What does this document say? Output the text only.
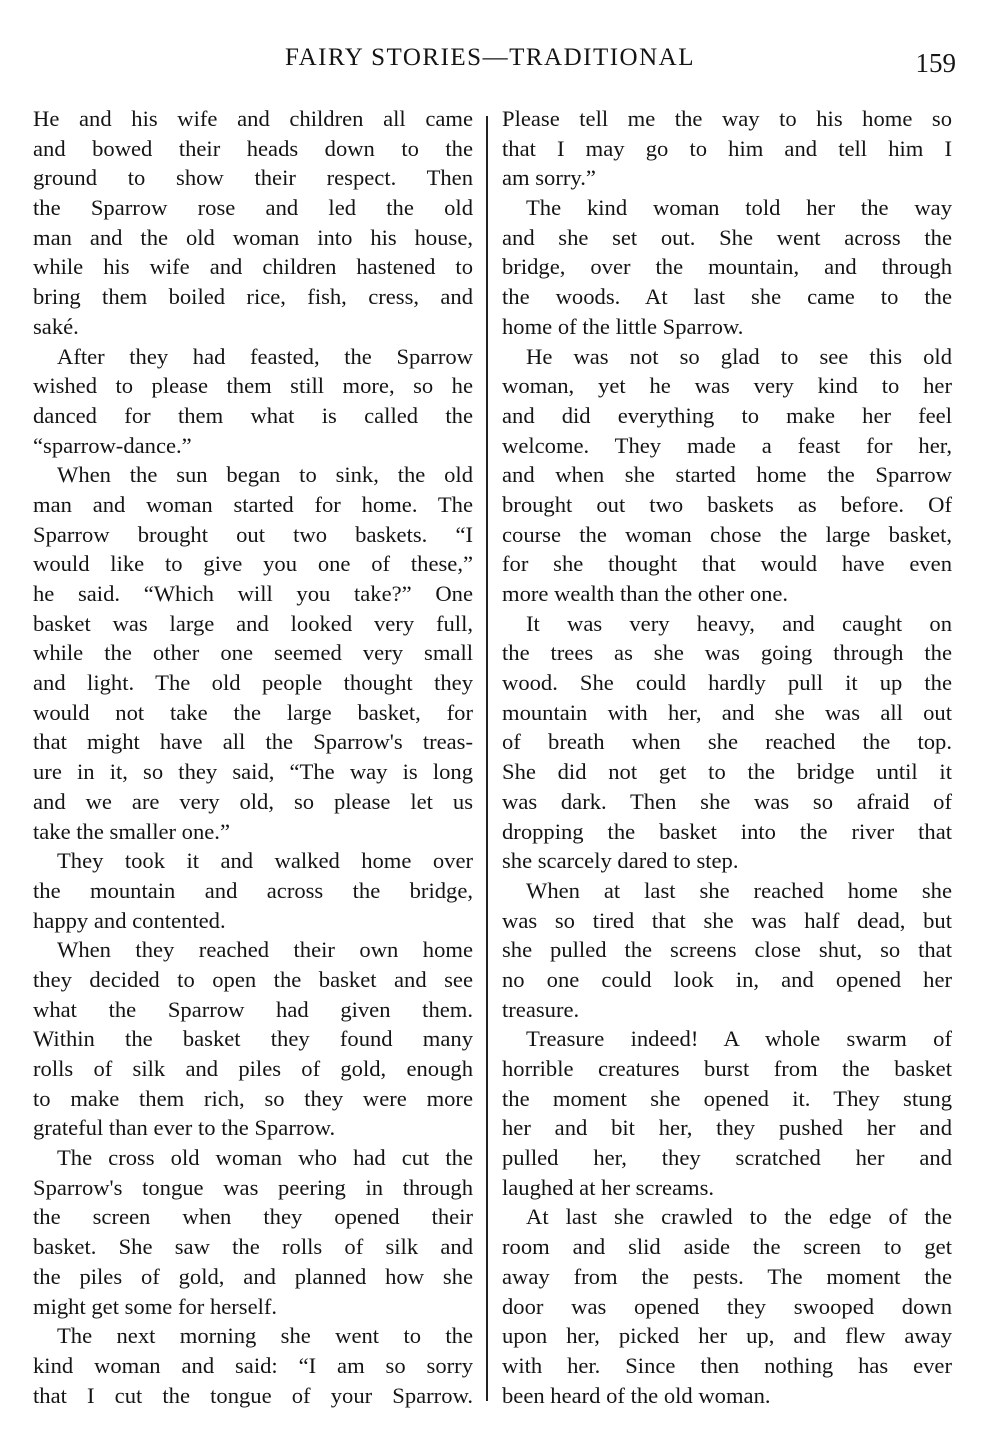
FAIRY STORIES—TRADITIONAL	159
He and his wife and children all came
and bowed their heads down to the
ground to show their respect. Then
the Sparrow rose and led the old
man and the old woman into his house,
while his wife and children hastened to
bring them boiled rice, fish, cress, and
saké.
After they had feasted, the Sparrow
wished to please them still more, so he
danced for them what is called the
“sparrow-dance.”
When the sun began to sink, the old
man and woman started for home. The
Sparrow brought out two baskets. “I
would like to give you one of these,”
he said. “Which will you take?” One
basket was large and looked very full,
while the other one seemed very small
and light. The old people thought they
would not take the large basket, for
that might have all the Sparrow's treas-
ure in it, so they said, “The way is long
and we are very old, so please let us
take the smaller one.”
They took it and walked home over
the mountain and across the bridge,
happy and contented.
When they reached their own home
they decided to open the basket and see
what the Sparrow had given them.
Within the basket they found many
rolls of silk and piles of gold, enough
to make them rich, so they were more
grateful than ever to the Sparrow.
The cross old woman who had cut the
Sparrow's tongue was peering in through
the screen when they opened their
basket. She saw the rolls of silk and
the piles of gold, and planned how she
might get some for herself.
The next morning she went to the
kind woman and said: “I am so sorry
that I cut the tongue of your Sparrow.
Please tell me the way to his home so
that I may go to him and tell him I
am sorry.”
The kind woman told her the way
and she set out. She went across the
bridge, over the mountain, and through
the woods. At last she came to the
home of the little Sparrow.
He was not so glad to see this old
woman, yet he was very kind to her
and did everything to make her feel
welcome. They made a feast for her,
and when she started home the Sparrow
brought out two baskets as before. Of
course the woman chose the large basket,
for she thought that would have even
more wealth than the other one.
It was very heavy, and caught on
the trees as she was going through the
wood. She could hardly pull it up the
mountain with her, and she was all out
of breath when she reached the top.
She did not get to the bridge until it
was dark. Then she was so afraid of
dropping the basket into the river that
she scarcely dared to step.
When at last she reached home she
was so tired that she was half dead, but
she pulled the screens close shut, so that
no one could look in, and opened her
treasure.
Treasure indeed! A whole swarm of
horrible creatures burst from the basket
the moment she opened it. They stung
her and bit her, they pushed her and
pulled her, they scratched her and
laughed at her screams.
At last she crawled to the edge of the
room and slid aside the screen to get
away from the pests. The moment the
door was opened they swooped down
upon her, picked her up, and flew away
with her. Since then nothing has ever
been heard of the old woman.
